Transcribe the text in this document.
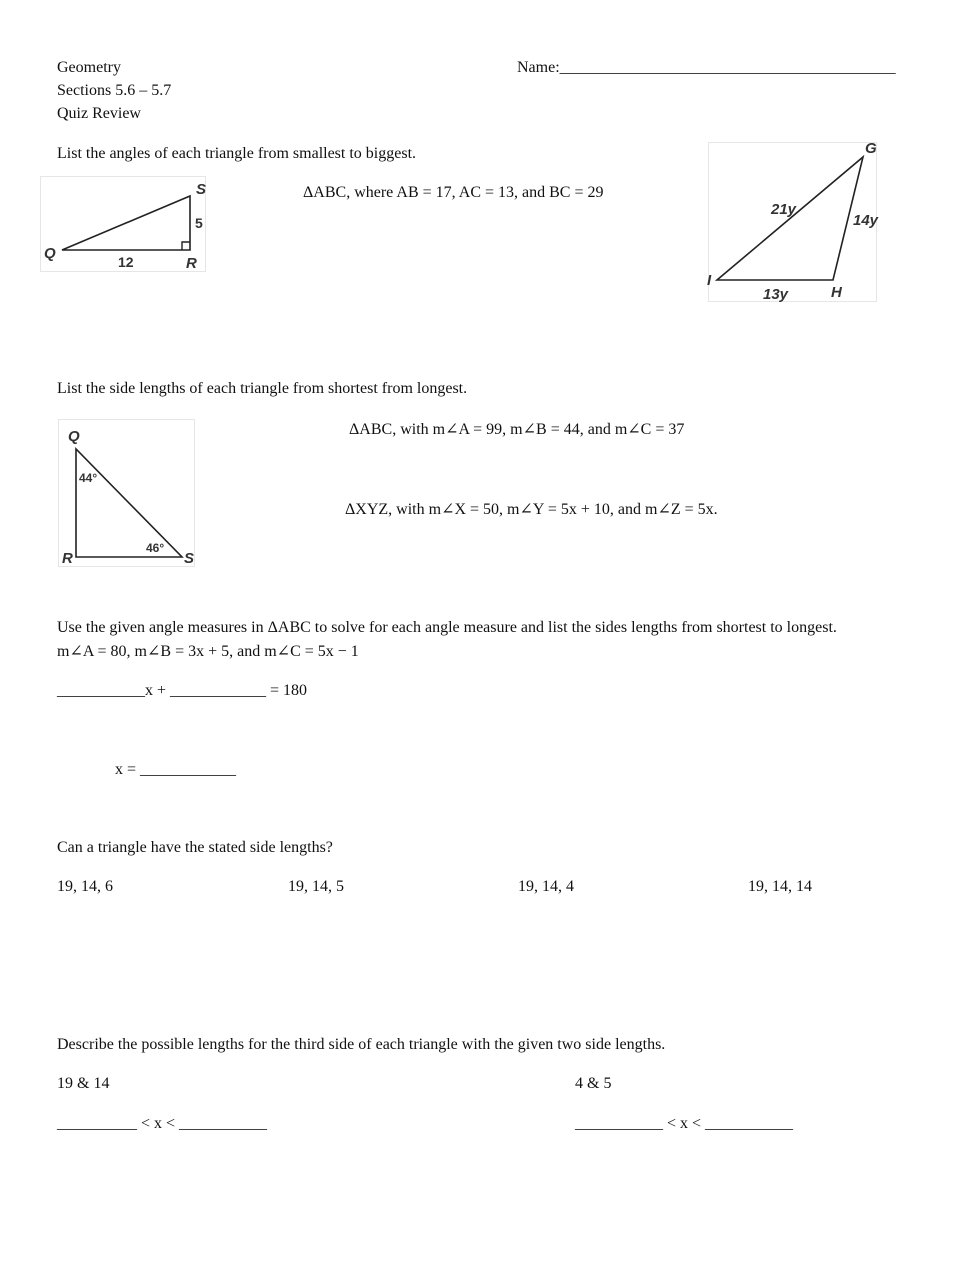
Geometry
Sections 5.6 – 5.7
Quiz Review
Name:__________________________________________
List the angles of each triangle from smallest to biggest.
S
Q
R
5
12
ΔABC, where AB = 17, AC = 13, and BC = 29
G
I
H
21y
14y
13y
List the side lengths of each triangle from shortest from longest.
Q
R	S
44°
46°
ΔABC, with m∠A = 99, m∠B = 44, and m∠C = 37
ΔXYZ, with m∠X = 50, m∠Y = 5x + 10, and m∠Z = 5x.
Use the given angle measures in ΔABC to solve for each angle measure and list the sides lengths from shortest to longest.
m∠A = 80, m∠B = 3x + 5, and m∠C = 5x − 1
___________x + ____________ = 180
x = ____________
Can a triangle have the stated side lengths?
19, 14, 6	19, 14, 5	19, 14, 4	19, 14, 14
Describe the possible lengths for the third side of each triangle with the given two side lengths.
19 & 14	4 & 5
__________ < x < ___________	___________ < x < ___________
